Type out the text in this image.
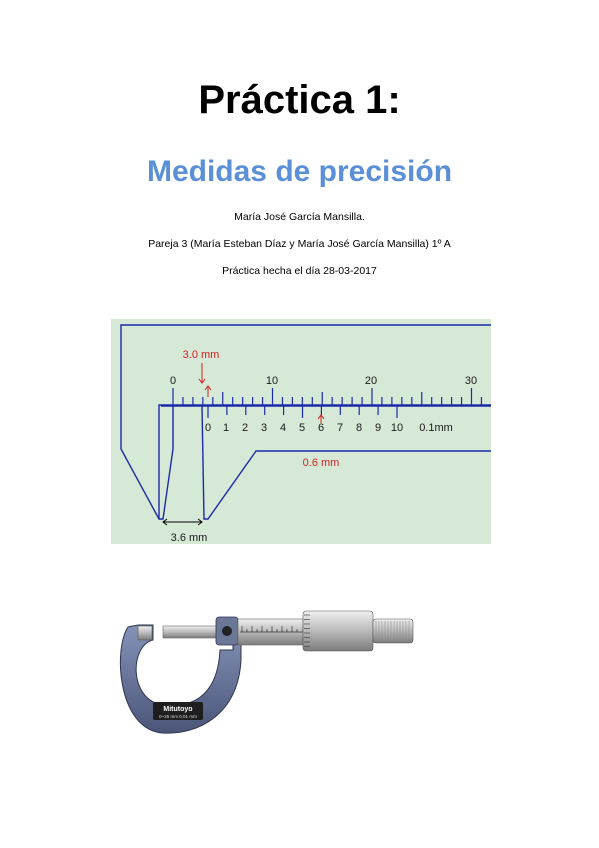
Práctica 1:
Medidas de precisión
María José García Mansilla.
Pareja 3 (María Esteban Díaz y María José García Mansilla) 1º A
Práctica hecha el día 28-03-2017
0	10	20	30
0 1 2 3 4 5 6 7 8 9 10 0.1mm
3.0 mm
0.6 mm
3.6 mm
Mitutoyo
0~25 mm 0.01 mm
